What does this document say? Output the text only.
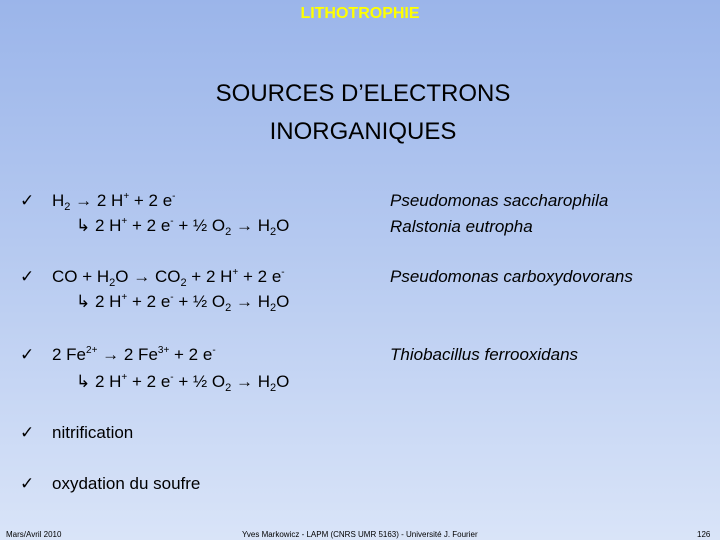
LITHOTROPHIE
SOURCES D’ELECTRONS
INORGANIQUES
✓ $H_2 \to 2$ H+ + 2 e-
↳ 2 H+ + 2 e- + ½ $O_2 \to H_2O$
Pseudomonas saccharophila
Ralstonia eutropha
✓ CO + $H_2O \to CO_2 + 2$ H+ + 2 e-
↳ 2 H+ + 2 e- + ½ $O_2 \to H_2O$
Pseudomonas carboxydovorans
✓ 2 $Fe^{2+} \to 2$ $Fe^{3+} + 2$ e-
↳ 2 H+ + 2 e- + ½ $O_2 \to H_2O$
Thiobacillus ferrooxidans
✓ nitrification
✓ oxydation du soufre
Mars/Avril 2010	Yves Markowicz - LAPM (CNRS UMR 5163) - Université J. Fourier	126
